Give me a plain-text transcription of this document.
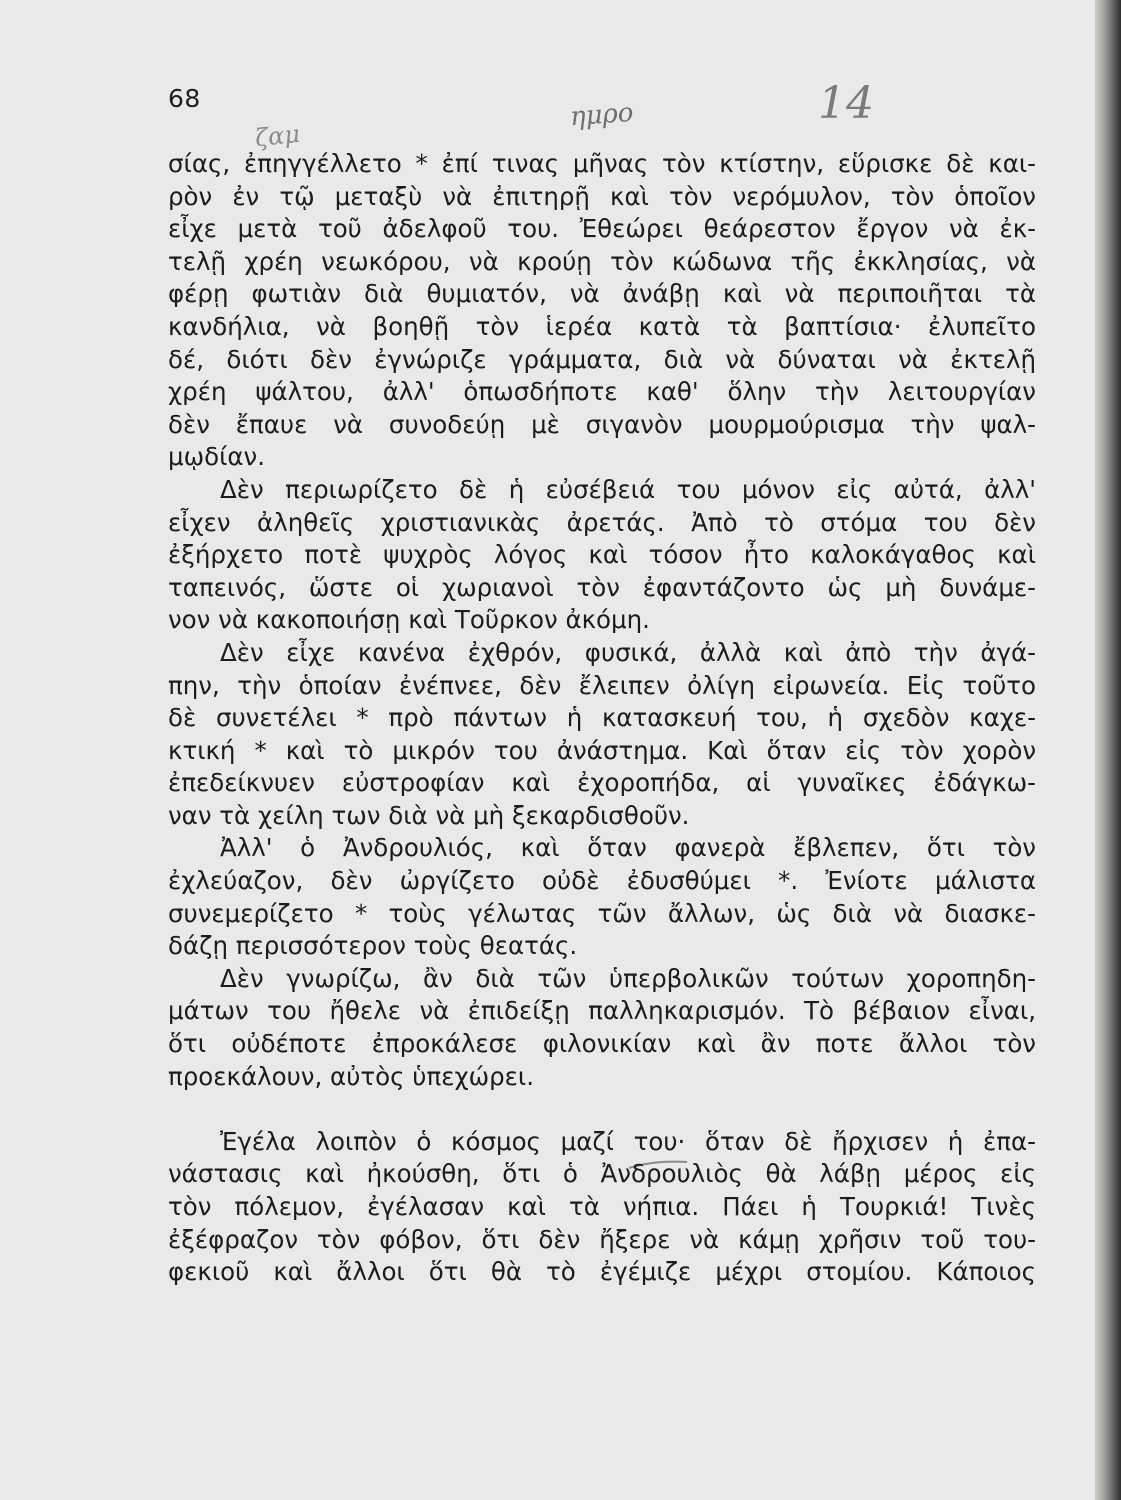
68
ζαμ
ημρο	14
σίας, ἐπηγγέλλετο * ἐπί τινας μῆνας τὸν κτίστην, εὕρισκε δὲ και-
ρὸν ἐν τῷ μεταξὺ νὰ ἐπιτηρῇ καὶ τὸν νερόμυλον, τὸν ὁποῖον
εἶχε μετὰ τοῦ ἀδελφοῦ του. Ἐθεώρει θεάρεστον ἔργον νὰ ἐκ-
τελῇ χρέη νεωκόρου, νὰ κρούῃ τὸν κώδωνα τῆς ἐκκλησίας, νὰ
φέρῃ φωτιὰν διὰ θυμιατόν, νὰ ἀνάβῃ καὶ νὰ περιποιῆται τὰ
κανδήλια, νὰ βοηθῇ τὸν ἱερέα κατὰ τὰ βαπτίσια· ἐλυπεῖτο
δέ, διότι δὲν ἐγνώριζε γράμματα, διὰ νὰ δύναται νὰ ἐκτελῇ
χρέη ψάλτου, ἀλλ' ὁπωσδήποτε καθ' ὅλην τὴν λειτουργίαν
δὲν ἔπαυε νὰ συνοδεύῃ μὲ σιγανὸν μουρμούρισμα τὴν ψαλ-
μῳδίαν.
Δὲν περιωρίζετο δὲ ἡ εὐσέβειά του μόνον εἰς αὐτά, ἀλλ'
εἶχεν ἀληθεῖς χριστιανικὰς ἀρετάς. Ἀπὸ τὸ στόμα του δὲν
ἐξήρχετο ποτὲ ψυχρὸς λόγος καὶ τόσον ἦτο καλοκάγαθος καὶ
ταπεινός, ὥστε οἱ χωριανοὶ τὸν ἐφαντάζοντο ὡς μὴ δυνάμε-
νον νὰ κακοποιήσῃ καὶ Τοῦρκον ἀκόμη.
Δὲν εἶχε κανένα ἐχθρόν, φυσικά, ἀλλὰ καὶ ἀπὸ τὴν ἀγά-
πην, τὴν ὁποίαν ἐνέπνεε, δὲν ἔλειπεν ὀλίγη εἰρωνεία. Εἰς τοῦτο
δὲ συνετέλει * πρὸ πάντων ἡ κατασκευή του, ἡ σχεδὸν καχε-
κτική * καὶ τὸ μικρόν του ἀνάστημα. Καὶ ὅταν εἰς τὸν χορὸν
ἐπεδείκνυεν εὐστροφίαν καὶ ἐχοροπήδα, αἱ γυναῖκες ἐδάγκω-
ναν τὰ χείλη των διὰ νὰ μὴ ξεκαρδισθοῦν.
Ἀλλ' ὁ Ἀνδρουλιός, καὶ ὅταν φανερὰ ἔβλεπεν, ὅτι τὸν
ἐχλεύαζον, δὲν ὠργίζετο οὐδὲ ἐδυσθύμει *. Ἐνίοτε μάλιστα
συνεμερίζετο * τοὺς γέλωτας τῶν ἄλλων, ὡς διὰ νὰ διασκε-
δάζῃ περισσότερον τοὺς θεατάς.
Δὲν γνωρίζω, ἂν διὰ τῶν ὑπερβολικῶν τούτων χοροπηδη-
μάτων του ἤθελε νὰ ἐπιδείξῃ παλληκαρισμόν. Τὸ βέβαιον εἶναι,
ὅτι οὐδέποτε ἐπροκάλεσε φιλονικίαν καὶ ἂν ποτε ἄλλοι τὸν
προεκάλουν, αὐτὸς ὑπεχώρει.
Ἐγέλα λοιπὸν ὁ κόσμος μαζί του· ὅταν δὲ ἤρχισεν ἡ ἐπα-
νάστασις καὶ ἠκούσθη, ὅτι ὁ Ἀνδρουλιὸς θὰ λάβῃ μέρος εἰς
τὸν πόλεμον, ἐγέλασαν καὶ τὰ νήπια. Πάει ἡ Τουρκιά! Τινὲς
ἐξέφραζον τὸν φόβον, ὅτι δὲν ἤξερε νὰ κάμῃ χρῆσιν τοῦ του-
φεκιοῦ καὶ ἄλλοι ὅτι θὰ τὸ ἐγέμιζε μέχρι στομίου. Κάποιος
